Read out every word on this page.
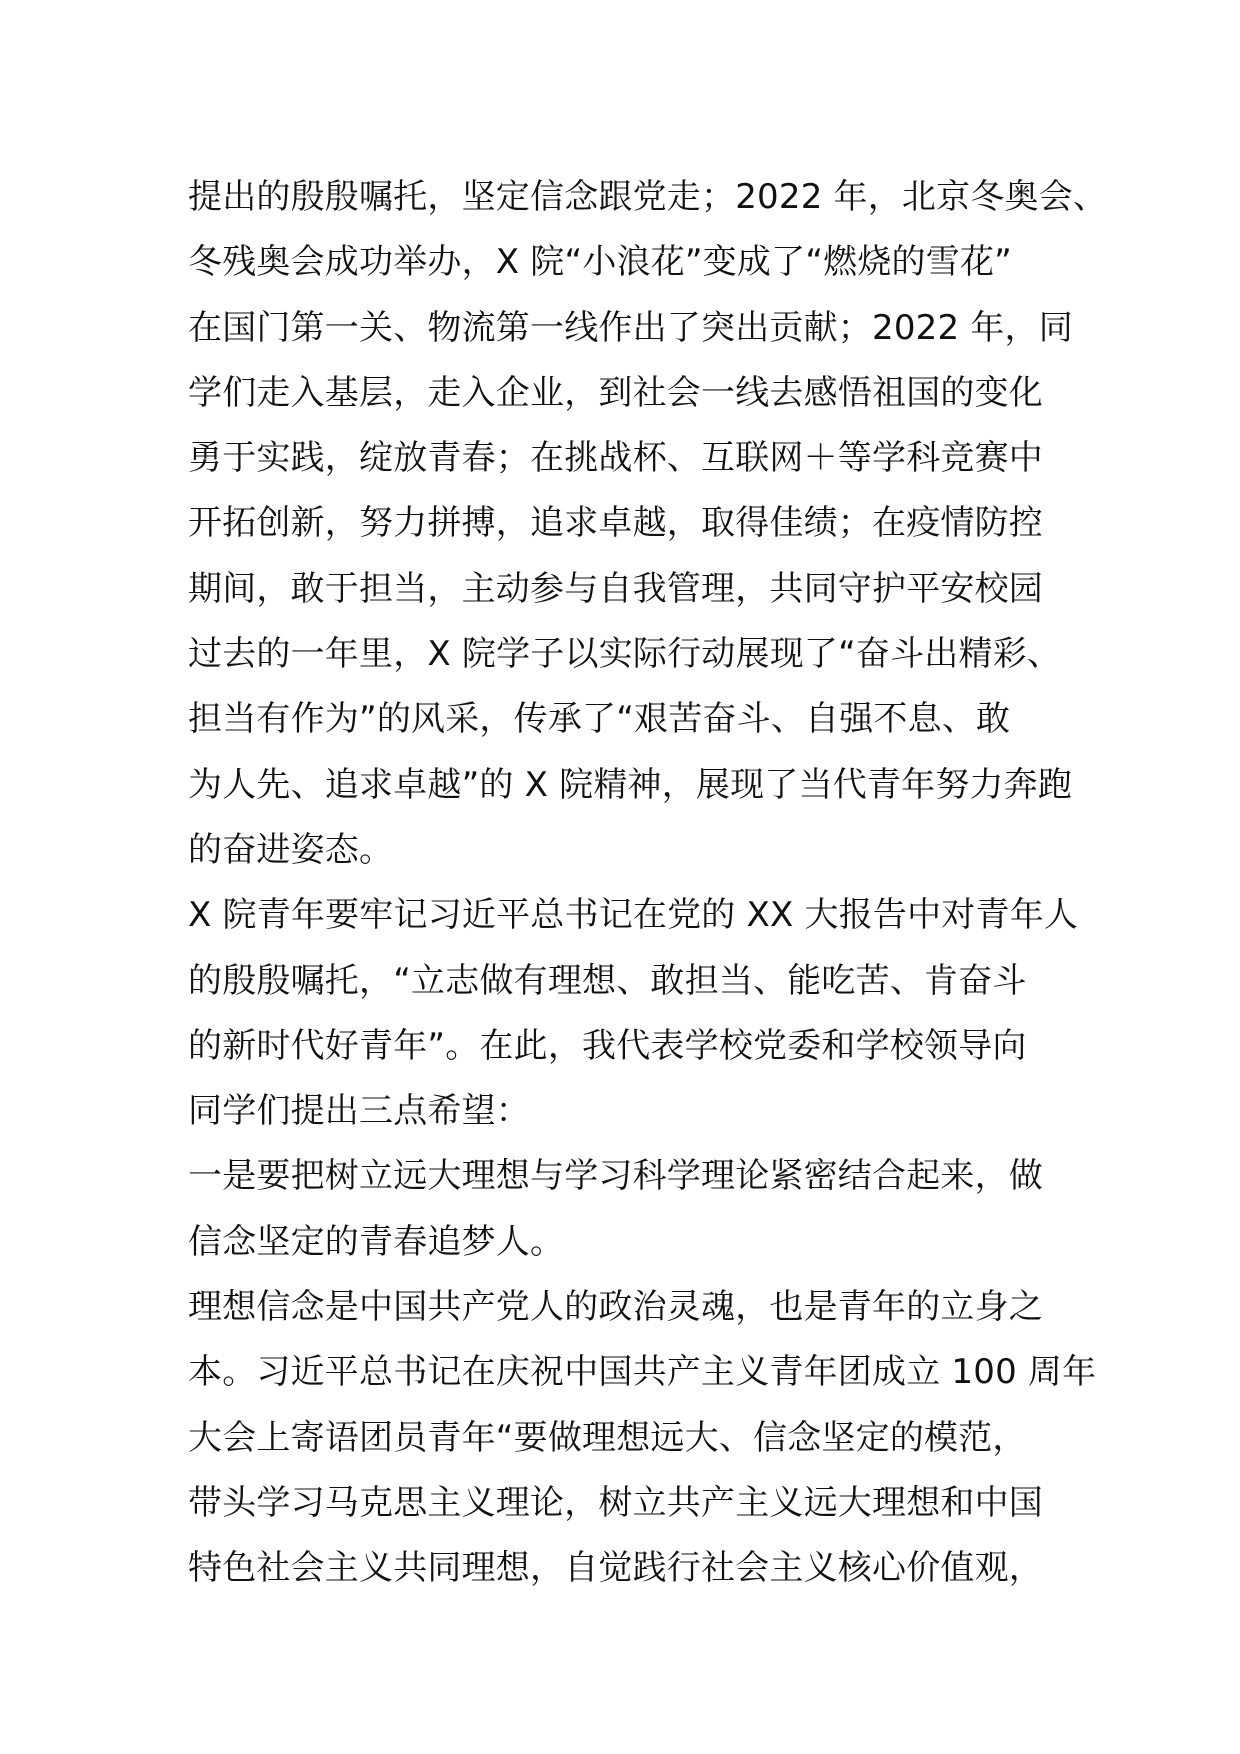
提出的殷殷嘱托，坚定信念跟党走；2022 年，北京冬奥会、
冬残奥会成功举办，X 院“小浪花”变成了“燃烧的雪花”
在国门第一关、物流第一线作出了突出贡献；2022 年，同
学们走入基层，走入企业，到社会一线去感悟祖国的变化
勇于实践，绽放青春；在挑战杯、互联网＋等学科竞赛中
开拓创新，努力拼搏，追求卓越，取得佳绩；在疫情防控
期间，敢于担当，主动参与自我管理，共同守护平安校园
过去的一年里，X 院学子以实际行动展现了“奋斗出精彩、
担当有作为”的风采，传承了“艰苦奋斗、自强不息、敢
为人先、追求卓越”的 X 院精神，展现了当代青年努力奔跑
的奋进姿态。
X 院青年要牢记习近平总书记在党的 XX 大报告中对青年人
的殷殷嘱托，“立志做有理想、敢担当、能吃苦、肯奋斗
的新时代好青年”。在此，我代表学校党委和学校领导向
同学们提出三点希望：
一是要把树立远大理想与学习科学理论紧密结合起来，做
信念坚定的青春追梦人。
理想信念是中国共产党人的政治灵魂，也是青年的立身之
本。习近平总书记在庆祝中国共产主义青年团成立 100 周年
大会上寄语团员青年“要做理想远大、信念坚定的模范，
带头学习马克思主义理论，树立共产主义远大理想和中国
特色社会主义共同理想，自觉践行社会主义核心价值观，
